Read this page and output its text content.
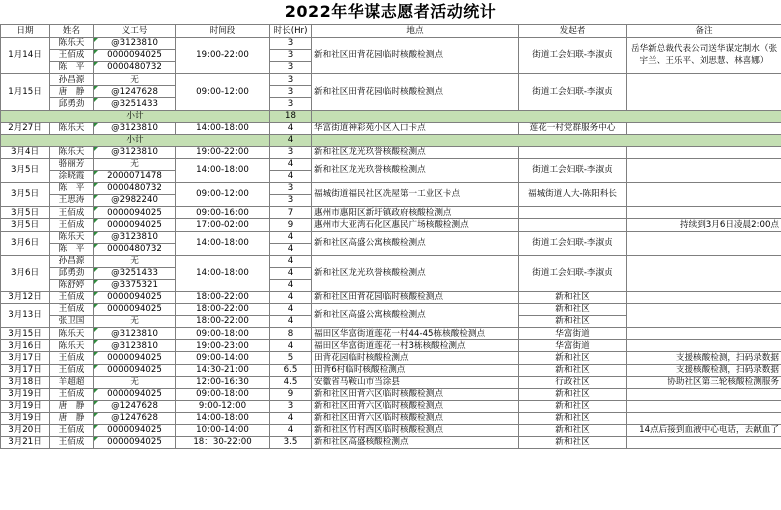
2022年华谋志愿者活动统计
日期	姓名	义工号	时间段	时长(Hr)	地点	发起者	备注
1月14日	陈乐天	@3123810	19:00-22:00	3	新和社区田背花园临时核酸检测点	街道工会妇联-李淑贞	岳华新总裁代表公司送华谋定制水（张宇兰、王乐平、刘思慧、林喜娜）
	王佰成	0000094025		3			
	陈　平	0000480732		3			
1月15日	孙昌源	无	09:00-12:00	3	新和社区田背花园临时核酸检测点	街道工会妇联-李淑贞	
	唐　静	@1247628		3			
	邱勇劲	@3251433		3			
小计				18			
2月27日	陈乐天	@3123810	14:00-18:00	4	华富街道神彩苑小区入口卡点	莲花一村党群服务中心	
小计				4			
3月4日	陈乐天	@3123810	19:00-22:00	3	新和社区龙光玖誉核酸检测点		
3月5日	骆丽芳	无	14:00-18:00	4	新和社区龙光玖誉核酸检测点	街道工会妇联-李淑贞	
	涂晓霞	2000071478		4			
3月5日	陈　平	0000480732	09:00-12:00	3	福城街道福民社区冼屋第一工业区卡点	福城街道人大-陈阳科长	
	王思涛	@2982240		3			
3月5日	王佰成	0000094025	09:00-16:00	7	惠州市惠阳区新圩镇政府核酸检测点		
3月5日	王佰成	0000094025	17:00-02:00	9	惠州市大亚湾石化区惠民广场核酸检测点		持续到3月6日凌晨2:00点
3月6日	陈乐天	@3123810	14:00-18:00	4	新和社区高盛公寓核酸检测点	街道工会妇联-李淑贞	
	陈　平	0000480732		4			
3月6日	孙昌源	无	14:00-18:00	4	新和社区龙光玖誉核酸检测点	街道工会妇联-李淑贞	
	邱勇劲	@3251433		4			
	陈舒婷	@3375321		4			
3月12日	王佰成	0000094025	18:00-22:00	4	新和社区田背花园临时核酸检测点	新和社区	
3月13日	王佰成	0000094025	18:00-22:00	4	新和社区高盛公寓核酸检测点	新和社区	
	张卫国	无	18:00-22:00	4		新和社区	
3月15日	陈乐天	@3123810	09:00-18:00	8	福田区华富街道莲花一村44-45栋核酸检测点	华富街道	
3月16日	陈乐天	@3123810	19:00-23:00	4	福田区华富街道莲花一村3栋核酸检测点	华富街道	
3月17日	王佰成	0000094025	09:00-14:00	5	田背花园临时核酸检测点	新和社区	支援核酸检测，扫码录数据
3月17日	王佰成	0000094025	14:30-21:00	6.5	田背6村临时核酸检测点	新和社区	支援核酸检测，扫码录数据
3月18日	羊超超	无	12:00-16:30	4.5	安徽省马鞍山市当涂县	行政社区	协助社区第三轮核酸检测服务
3月19日	王佰成	0000094025	09:00-18:00	9	新和社区田背六区临时核酸检测点	新和社区	
3月19日	唐　静	@1247628	9:00-12:00	3	新和社区田背六区临时核酸检测点	新和社区	
3月19日	唐　静	@1247628	14:00-18:00	4	新和社区田背六区临时核酸检测点	新和社区	
3月20日	王佰成	0000094025	10:00-14:00	4	新和社区竹村西区临时核酸检测点	新和社区	14点后接到血液中心电话，去献血了
3月21日	王佰成	0000094025	18：30-22:00	3.5	新和社区高盛核酸检测点	新和社区	
